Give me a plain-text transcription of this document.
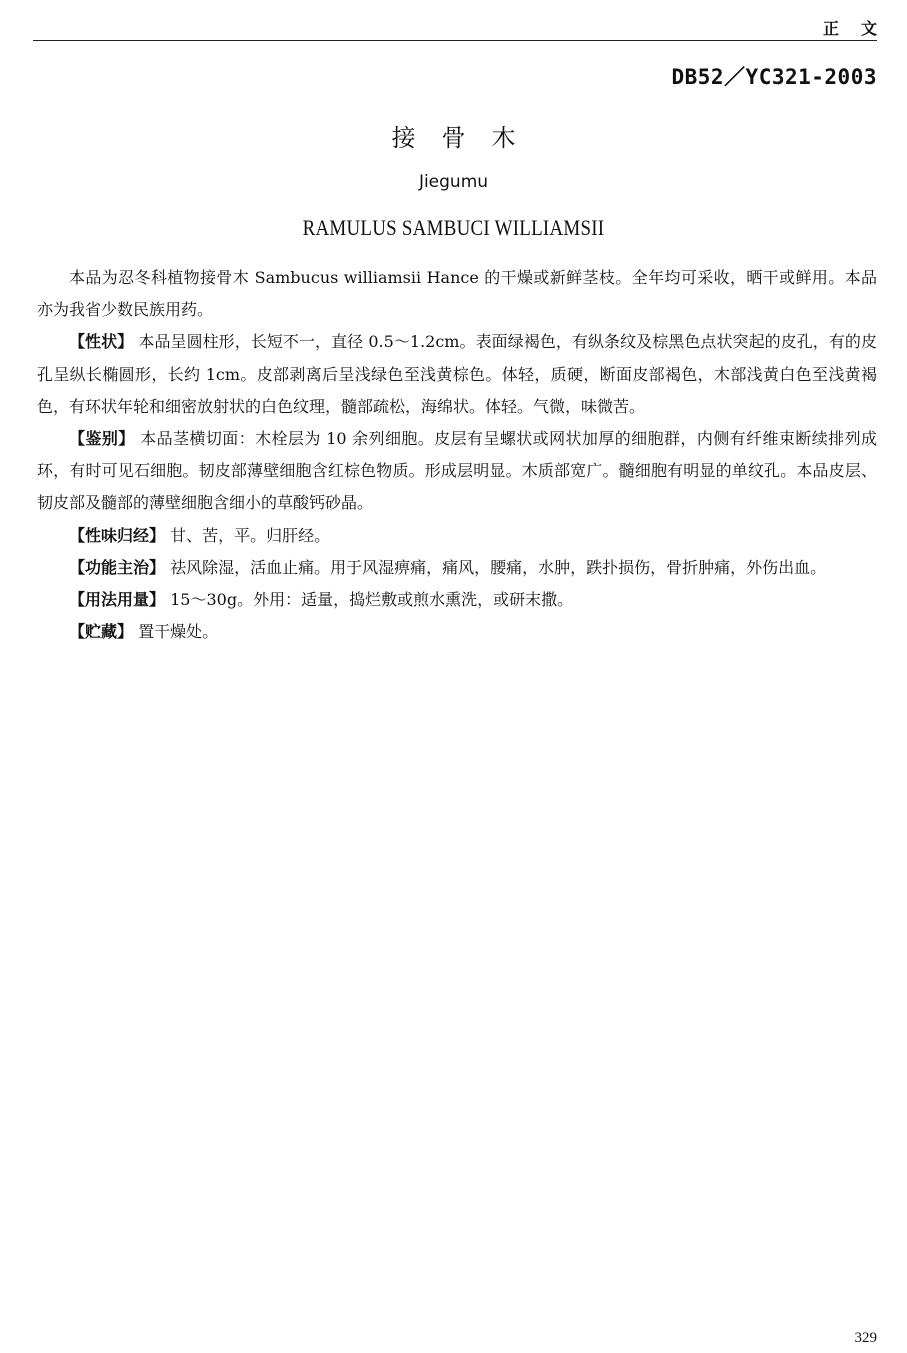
正文
DB52／YC321-2003
接骨木
Jiegumu
RAMULUS SAMBUCI WILLIAMSII

本品为忍冬科植物接骨木 Sambucus williamsii Hance 的干燥或新鲜茎枝。全年均可采收，晒干或鲜用。本品亦为我省少数民族用药。

【性状】 本品呈圆柱形，长短不一，直径 0.5～1.2cm。表面绿褐色，有纵条纹及棕黑色点状突起的皮孔，有的皮孔呈纵长椭圆形，长约 1cm。皮部剥离后呈浅绿色至浅黄棕色。体轻，质硬，断面皮部褐色，木部浅黄白色至浅黄褐色，有环状年轮和细密放射状的白色纹理，髓部疏松，海绵状。体轻。气微，味微苦。

【鉴别】 本品茎横切面：木栓层为 10 余列细胞。皮层有呈螺状或网状加厚的细胞群，内侧有纤维束断续排列成环，有时可见石细胞。韧皮部薄壁细胞含红棕色物质。形成层明显。木质部宽广。髓细胞有明显的单纹孔。本品皮层、韧皮部及髓部的薄壁细胞含细小的草酸钙砂晶。

【性味归经】 甘、苦，平。归肝经。

【功能主治】 祛风除湿，活血止痛。用于风湿痹痛，痛风，腰痛，水肿，跌扑损伤，骨折肿痛，外伤出血。

【用法用量】 15～30g。外用：适量，捣烂敷或煎水熏洗，或研末撒。

【贮藏】 置干燥处。

329
